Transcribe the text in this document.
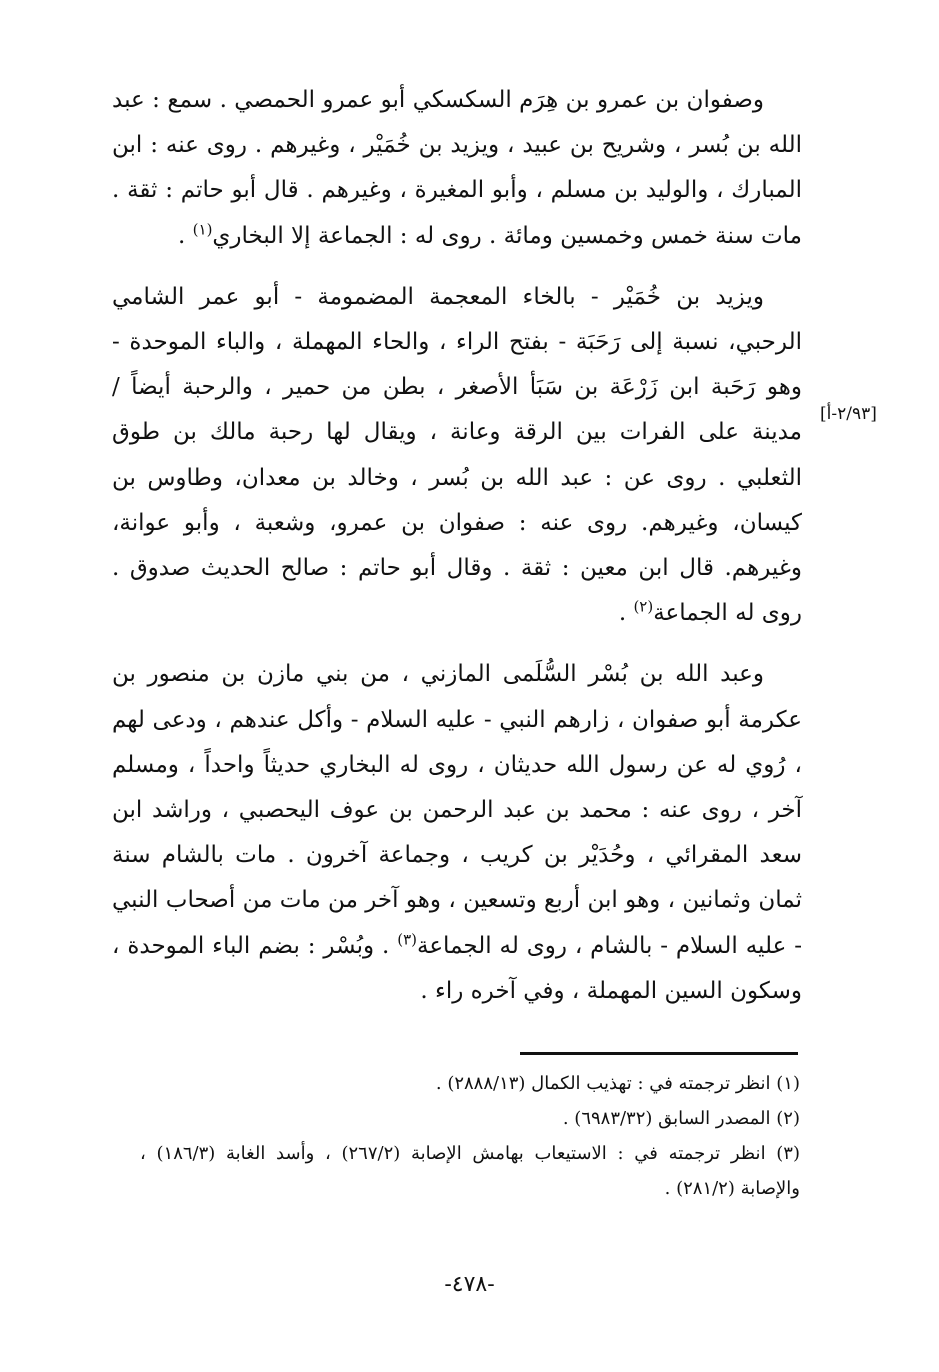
وصفوان بن عمرو بن هِرَم السكسكي أبو عمرو الحمصي . سمع : عبد الله بن بُسر ، وشريح بن عبيد ، ويزيد بن خُمَيْر ، وغيرهم . روى عنه : ابن المبارك ، والوليد بن مسلم ، وأبو المغيرة ، وغيرهم . قال أبو حاتم : ثقة . مات سنة خمس وخمسين ومائة . روى له : الجماعة إلا البخاري$^{(١)}$ .

ويزيد بن خُمَيْر - بالخاء المعجمة المضمومة - أبو عمر الشامي الرحبي، نسبة إلى رَحَبَة - بفتح الراء ، والحاء المهملة ، والباء الموحدة - وهو رَحَبة ابن زَرْعَة بن سَبَأ الأصغر ، بطن من حمير ، والرحبة أيضاً / مدينة على الفرات بين الرقة وعانة ، ويقال لها رحبة مالك بن طوق الثعلبي . روى عن : عبد الله بن بُسر ، وخالد بن معدان، وطاوس بن كيسان، وغيرهم. روى عنه : صفوان بن عمرو، وشعبة ، وأبو عوانة، وغيرهم. قال ابن معين : ثقة . وقال أبو حاتم : صالح الحديث صدوق . روى له الجماعة$^{(٢)}$ .

وعبد الله بن بُسْر السُّلَمى المازني ، من بني مازن بن منصور بن عكرمة أبو صفوان ، زارهم النبي - عليه السلام - وأكل عندهم ، ودعى لهم ، رُوي له عن رسول الله حديثان ، روى له البخاري حديثاً واحداً ، ومسلم آخر ، روى عنه : محمد بن عبد الرحمن بن عوف اليحصبي ، وراشد ابن سعد المقرائي ، وحُدَيْر بن كريب ، وجماعة آخرون . مات بالشام سنة ثمان وثمانين ، وهو ابن أربع وتسعين ، وهو آخر من مات من أصحاب النبي - عليه السلام - بالشام ، روى له الجماعة$^{(٣)}$ . وبُسْر : بضم الباء الموحدة ، وسكون السين المهملة ، وفي آخره راء .

[٢/٩٣-أ]

(١) انظر ترجمته في : تهذيب الكمال (٢٨٨٨/١٣) .

(٢) المصدر السابق (٦٩٨٣/٣٢) .

(٣) انظر ترجمته في : الاستيعاب بهامش الإصابة (٢٦٧/٢) ، وأسد الغابة (١٨٦/٣) ، والإصابة (٢٨١/٢) .

-٤٧٨-
